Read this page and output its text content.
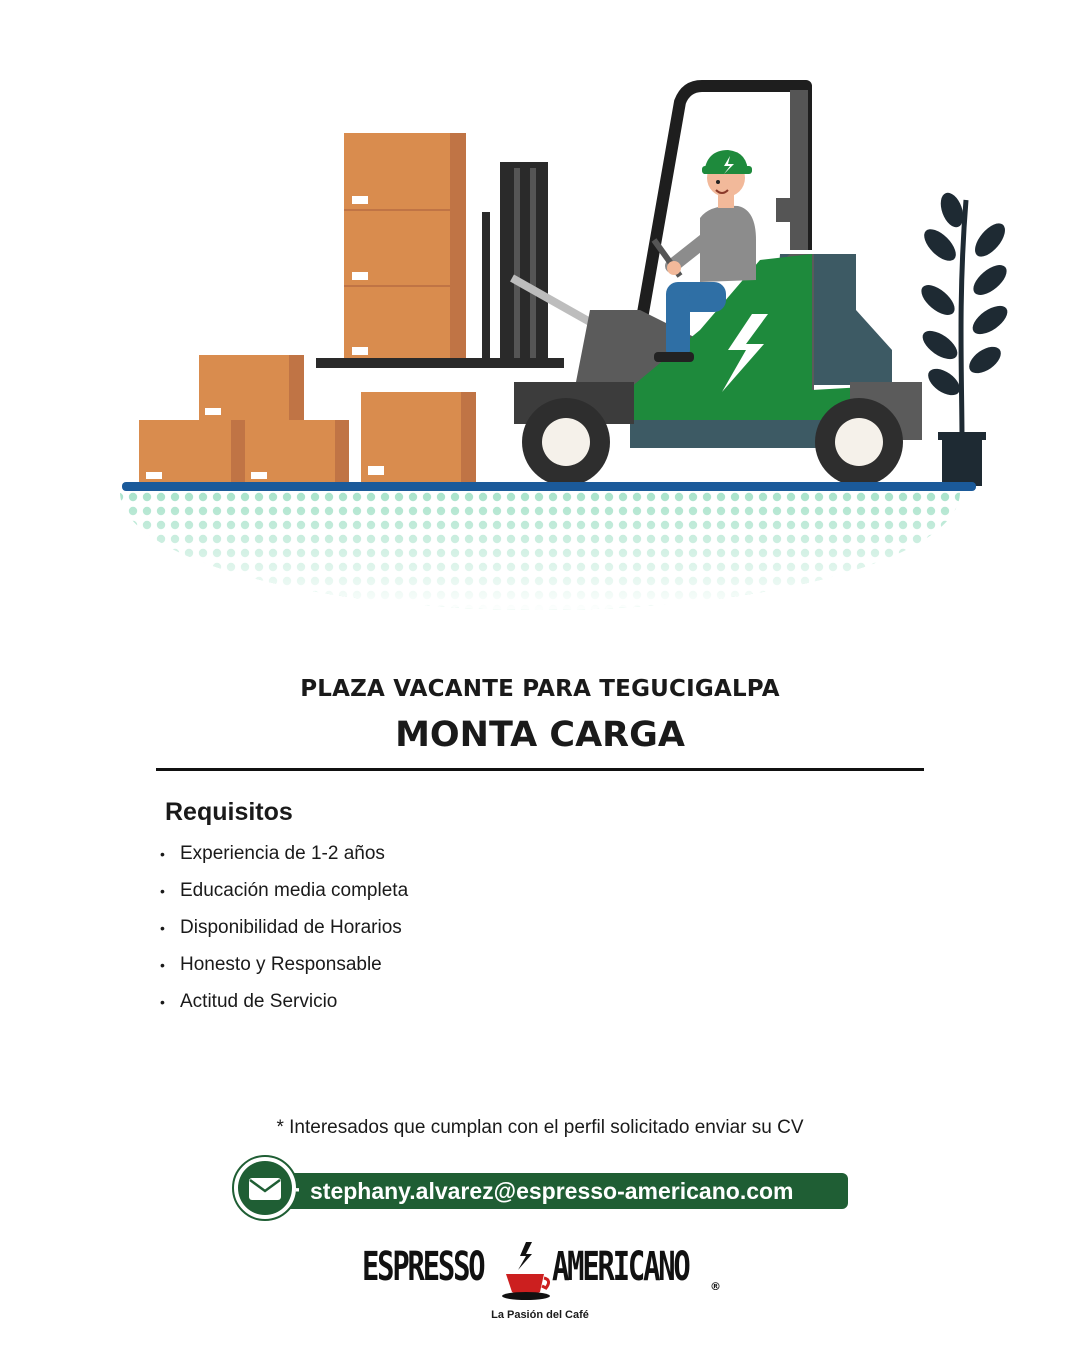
PLAZA VACANTE PARA TEGUCIGALPA
MONTA CARGA
Requisitos
• Experiencia de 1-2 años
• Educación media completa
• Disponibilidad de Horarios
• Honesto y Responsable
• Actitud de Servicio
* Interesados que cumplan con el perfil solicitado enviar su CV
· stephany.alvarez@espresso-americano.com
ESPRESSO AMERICANO ®
La Pasión del Café
